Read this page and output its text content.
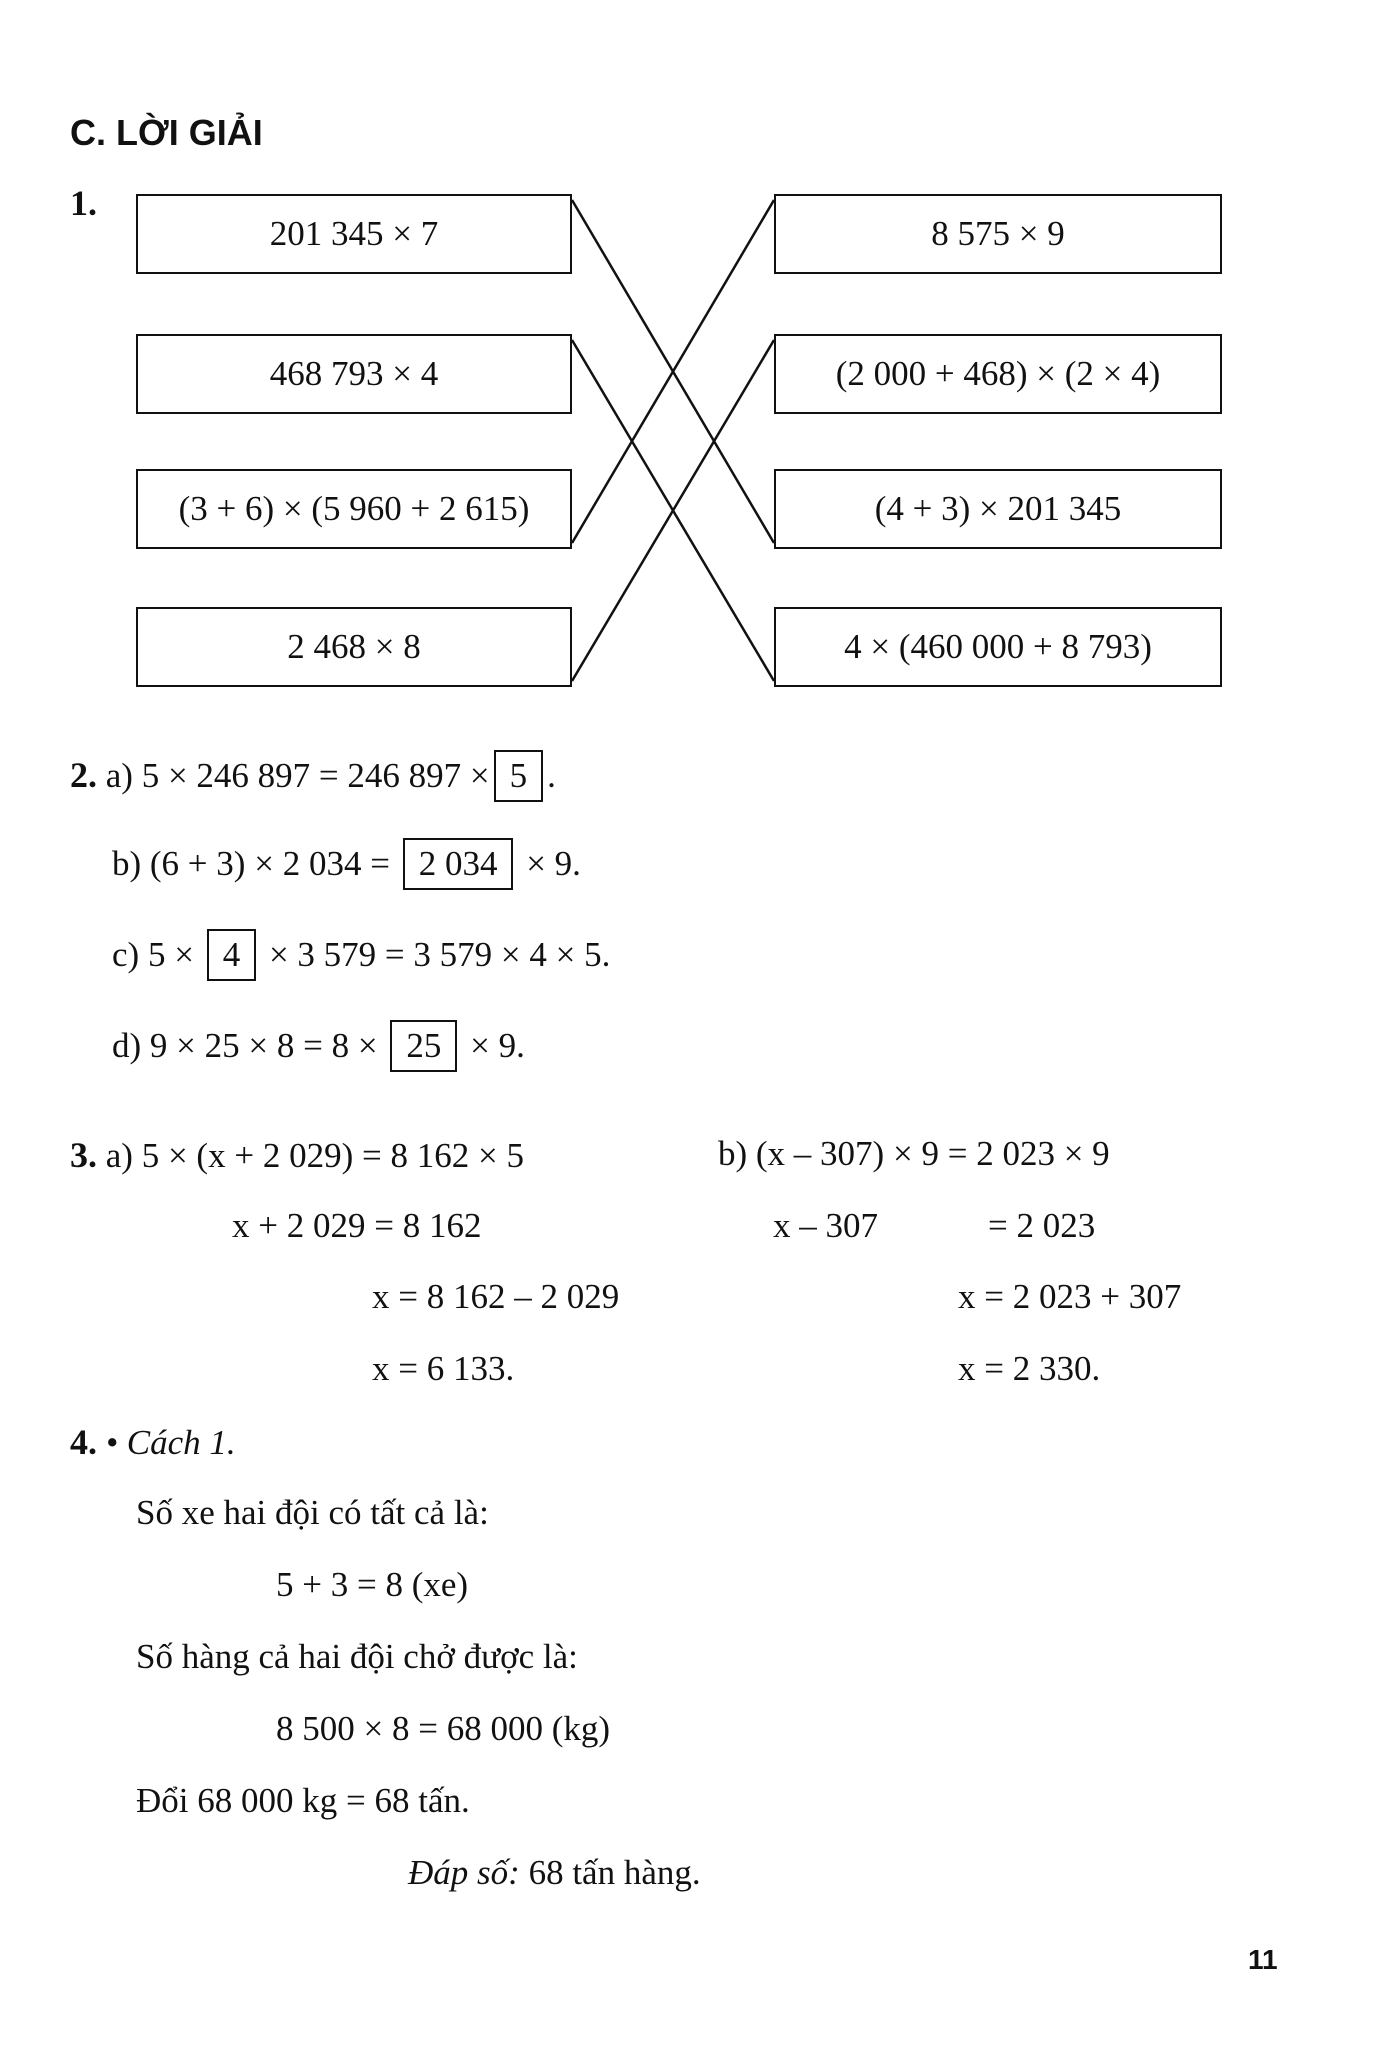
C. LỜI GIẢI
1.
201 345 × 7
468 793 × 4
(3 + 6) × (5 960 + 2 615)
2 468 × 8
8 575 × 9
(2 000 + 468) × (2 × 4)
(4 + 3) × 201 345
4 × (460 000 + 8 793)
2. a) 5 × 246 897 = 246 897 × 5 .
b) (6 + 3) × 2 034 = 2 034 × 9.
c) 5 × 4 × 3 579 = 3 579 × 4 × 5.
d) 9 × 25 × 8 = 8 × 25 × 9.
3. a) 5 × (x + 2 029) = 8 162 × 5
x + 2 029 = 8 162
x = 8 162 – 2 029
x = 6 133.
b) (x – 307) × 9 = 2 023 × 9
x – 307	= 2 023
x = 2 023 + 307
x = 2 330.
4. • Cách 1.
Số xe hai đội có tất cả là:
5 + 3 = 8 (xe)
Số hàng cả hai đội chở được là:
8 500 × 8 = 68 000 (kg)
Đổi 68 000 kg = 68 tấn.
Đáp số: 68 tấn hàng.
11
